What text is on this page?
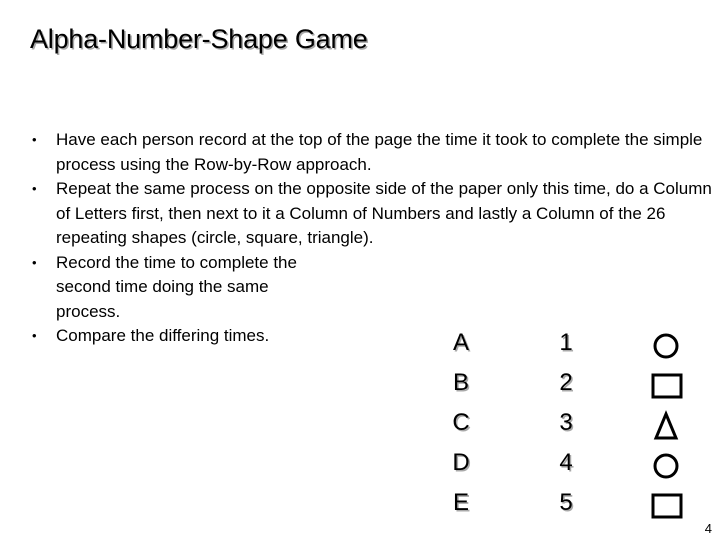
Alpha-Number-Shape Game
• Have each person record at the top of the page the time it took to complete the simple process using the Row-by-Row approach.
• Repeat the same process on the opposite side of the paper only this time, do a Column of Letters first, then next to it a Column of Numbers and lastly a Column of the 26 repeating shapes (circle, square, triangle).
• Record the time to complete the second time doing the same process.
• Compare the differing times.	A
B
C
D
E
1
2
3
4
5
4
